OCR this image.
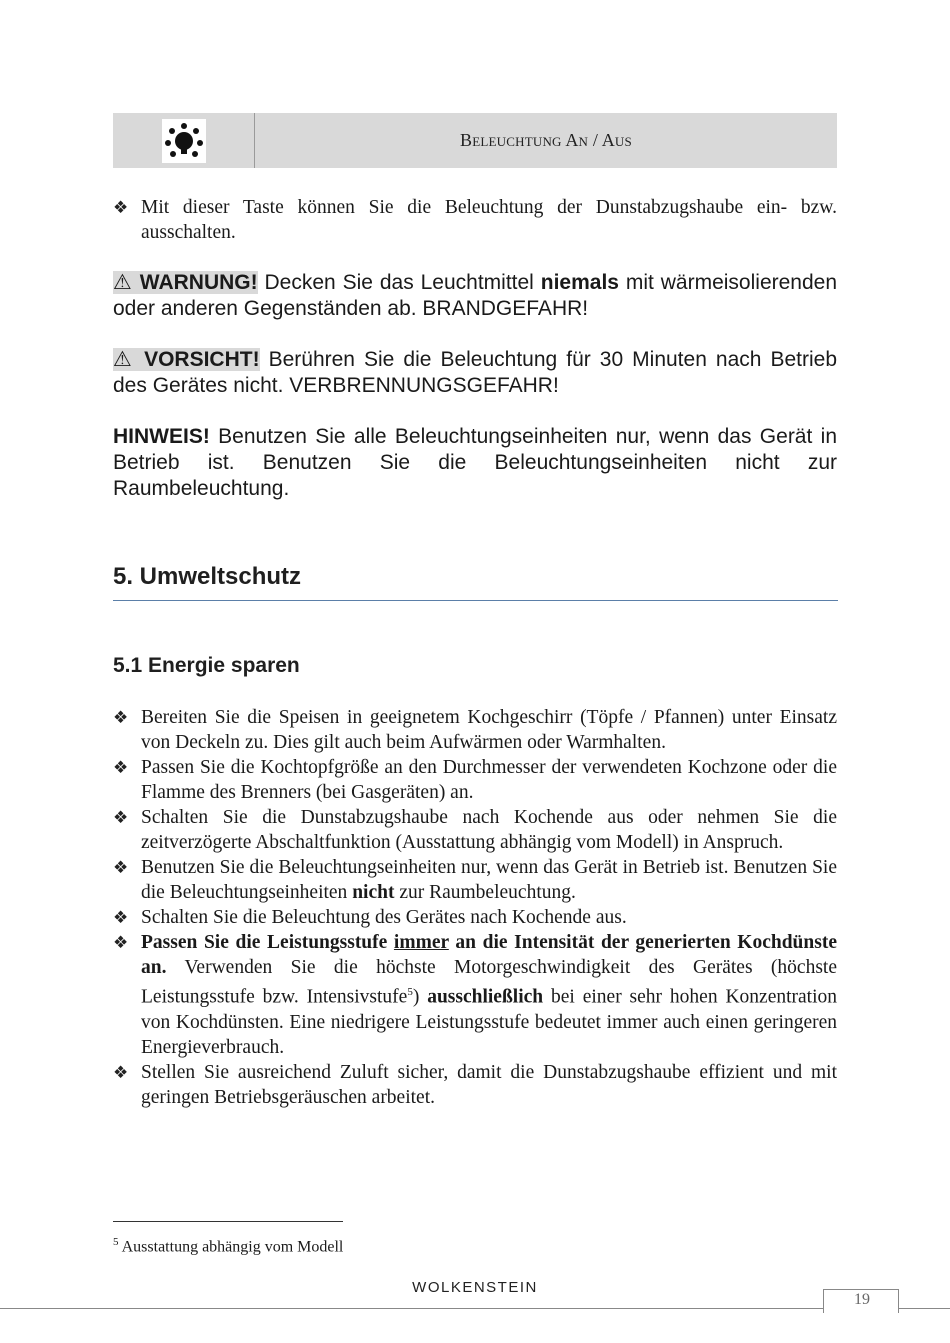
Beleuchtung An / Aus
❖ Mit dieser Taste können Sie die Beleuchtung der Dunstabzugshaube ein- bzw. ausschalten.
⚠ WARNUNG! Decken Sie das Leuchtmittel niemals mit wärmeisolierenden oder anderen Gegenständen ab. BRANDGEFAHR!
⚠ VORSICHT! Berühren Sie die Beleuchtung für 30 Minuten nach Betrieb des Gerätes nicht. VERBRENNUNGSGEFAHR!
HINWEIS! Benutzen Sie alle Beleuchtungseinheiten nur, wenn das Gerät in Betrieb ist. Benutzen Sie die Beleuchtungseinheiten nicht zur Raumbeleuchtung.
5. Umweltschutz
5.1 Energie sparen
❖ Bereiten Sie die Speisen in geeignetem Kochgeschirr (Töpfe / Pfannen) unter Einsatz von Deckeln zu. Dies gilt auch beim Aufwärmen oder Warmhalten.
❖ Passen Sie die Kochtopfgröße an den Durchmesser der verwendeten Kochzone oder die Flamme des Brenners (bei Gasgeräten) an.
❖ Schalten Sie die Dunstabzugshaube nach Kochende aus oder nehmen Sie die zeitverzögerte Abschaltfunktion (Ausstattung abhängig vom Modell) in Anspruch.
❖ Benutzen Sie die Beleuchtungseinheiten nur, wenn das Gerät in Betrieb ist. Benutzen Sie die Beleuchtungseinheiten nicht zur Raumbeleuchtung.
❖ Schalten Sie die Beleuchtung des Gerätes nach Kochende aus.
❖ Passen Sie die Leistungsstufe immer an die Intensität der generierten Kochdünste an. Verwenden Sie die höchste Motorgeschwindigkeit des Gerätes (höchste Leistungsstufe bzw. Intensivstufe$^5$) ausschließlich bei einer sehr hohen Konzentration von Kochdünsten. Eine niedrigere Leistungsstufe bedeutet immer auch einen geringeren Energieverbrauch.
❖ Stellen Sie ausreichend Zuluft sicher, damit die Dunstabzugshaube effizient und mit geringen Betriebsgeräuschen arbeitet.
$^5$ Ausstattung abhängig vom Modell
WOLKENSTEIN
19
